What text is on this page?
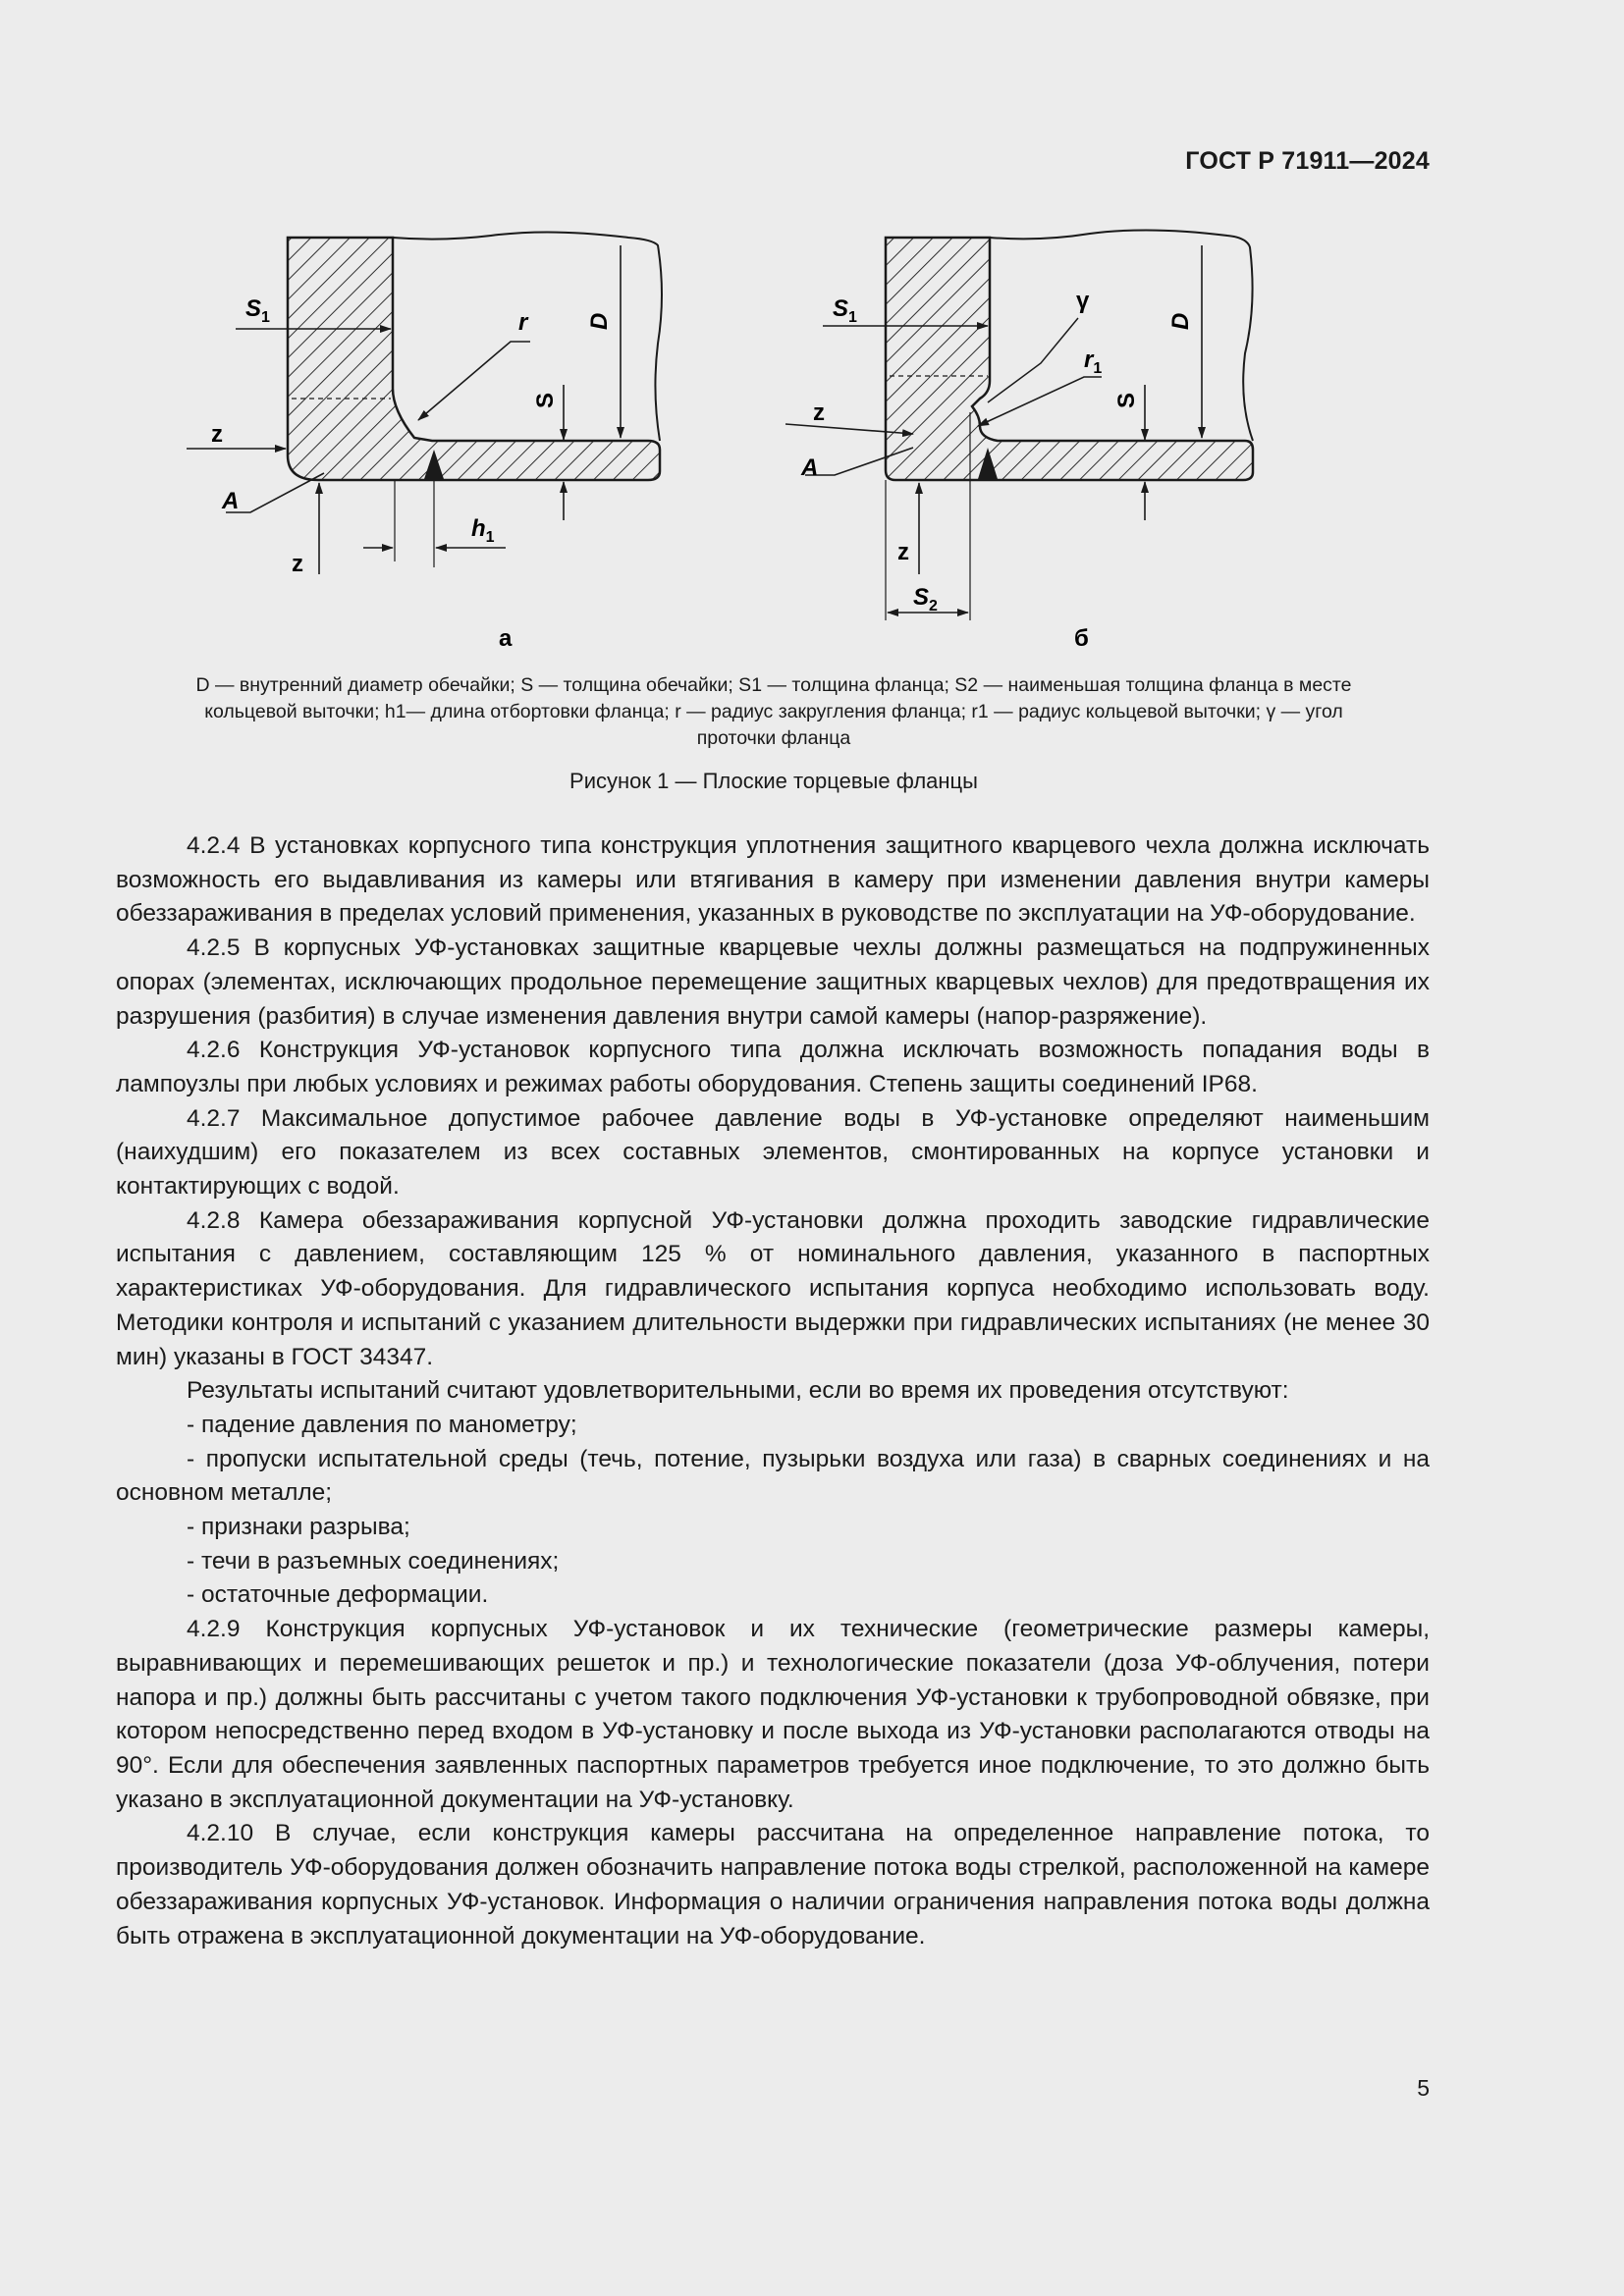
ГОСТ Р 71911—2024
$S_1$	r D
S
z
z
A
$h_1$
а
$S_1$
γ
$r_1$
D
S
z
A
z
$S_2$
б
D — внутренний диаметр обечайки; S — толщина обечайки; S1 — толщина фланца; S2 — наименьшая толщина фланца в месте
кольцевой выточки; h1— длина отбортовки фланца; r — радиус закругления фланца; r1 — радиус кольцевой выточки; γ — угол
проточки фланца
Рисунок 1 — Плоские торцевые фланцы

4.2.4 В установках корпусного типа конструкция уплотнения защитного кварцевого чехла должна исключать возможность его выдавливания из камеры или втягивания в камеру при изменении давления внутри камеры обеззараживания в пределах условий применения, указанных в руководстве по эксплуатации на УФ-оборудование.

4.2.5 В корпусных УФ-установках защитные кварцевые чехлы должны размещаться на подпружиненных опорах (элементах, исключающих продольное перемещение защитных кварцевых чехлов) для предотвращения их разрушения (разбития) в случае изменения давления внутри самой камеры (напор-разряжение).

4.2.6 Конструкция УФ-установок корпусного типа должна исключать возможность попадания воды в лампоузлы при любых условиях и режимах работы оборудования. Степень защиты соединений IP68.

4.2.7 Максимальное допустимое рабочее давление воды в УФ-установке определяют наименьшим (наихудшим) его показателем из всех составных элементов, смонтированных на корпусе установки и контактирующих с водой.

4.2.8 Камера обеззараживания корпусной УФ-установки должна проходить заводские гидравлические испытания с давлением, составляющим 125 % от номинального давления, указанного в паспортных характеристиках УФ-оборудования. Для гидравлического испытания корпуса необходимо использовать воду. Методики контроля и испытаний с указанием длительности выдержки при гидравлических испытаниях (не менее 30 мин) указаны в ГОСТ 34347.

Результаты испытаний считают удовлетворительными, если во время их проведения отсутствуют:

- падение давления по манометру;

- пропуски испытательной среды (течь, потение, пузырьки воздуха или газа) в сварных соединениях и на основном металле;

- признаки разрыва;

- течи в разъемных соединениях;

- остаточные деформации.

4.2.9 Конструкция корпусных УФ-установок и их технические (геометрические размеры камеры, выравнивающих и перемешивающих решеток и пр.) и технологические показатели (доза УФ-облучения, потери напора и пр.) должны быть рассчитаны с учетом такого подключения УФ-установки к трубопроводной обвязке, при котором непосредственно перед входом в УФ-установку и после выхода из УФ-установки располагаются отводы на 90°. Если для обеспечения заявленных паспортных параметров требуется иное подключение, то это должно быть указано в эксплуатационной документации на УФ-установку.

4.2.10 В случае, если конструкция камеры рассчитана на определенное направление потока, то производитель УФ-оборудования должен обозначить направление потока воды стрелкой, расположенной на камере обеззараживания корпусных УФ-установок. Информация о наличии ограничения направления потока воды должна быть отражена в эксплуатационной документации на УФ-оборудование.

5
